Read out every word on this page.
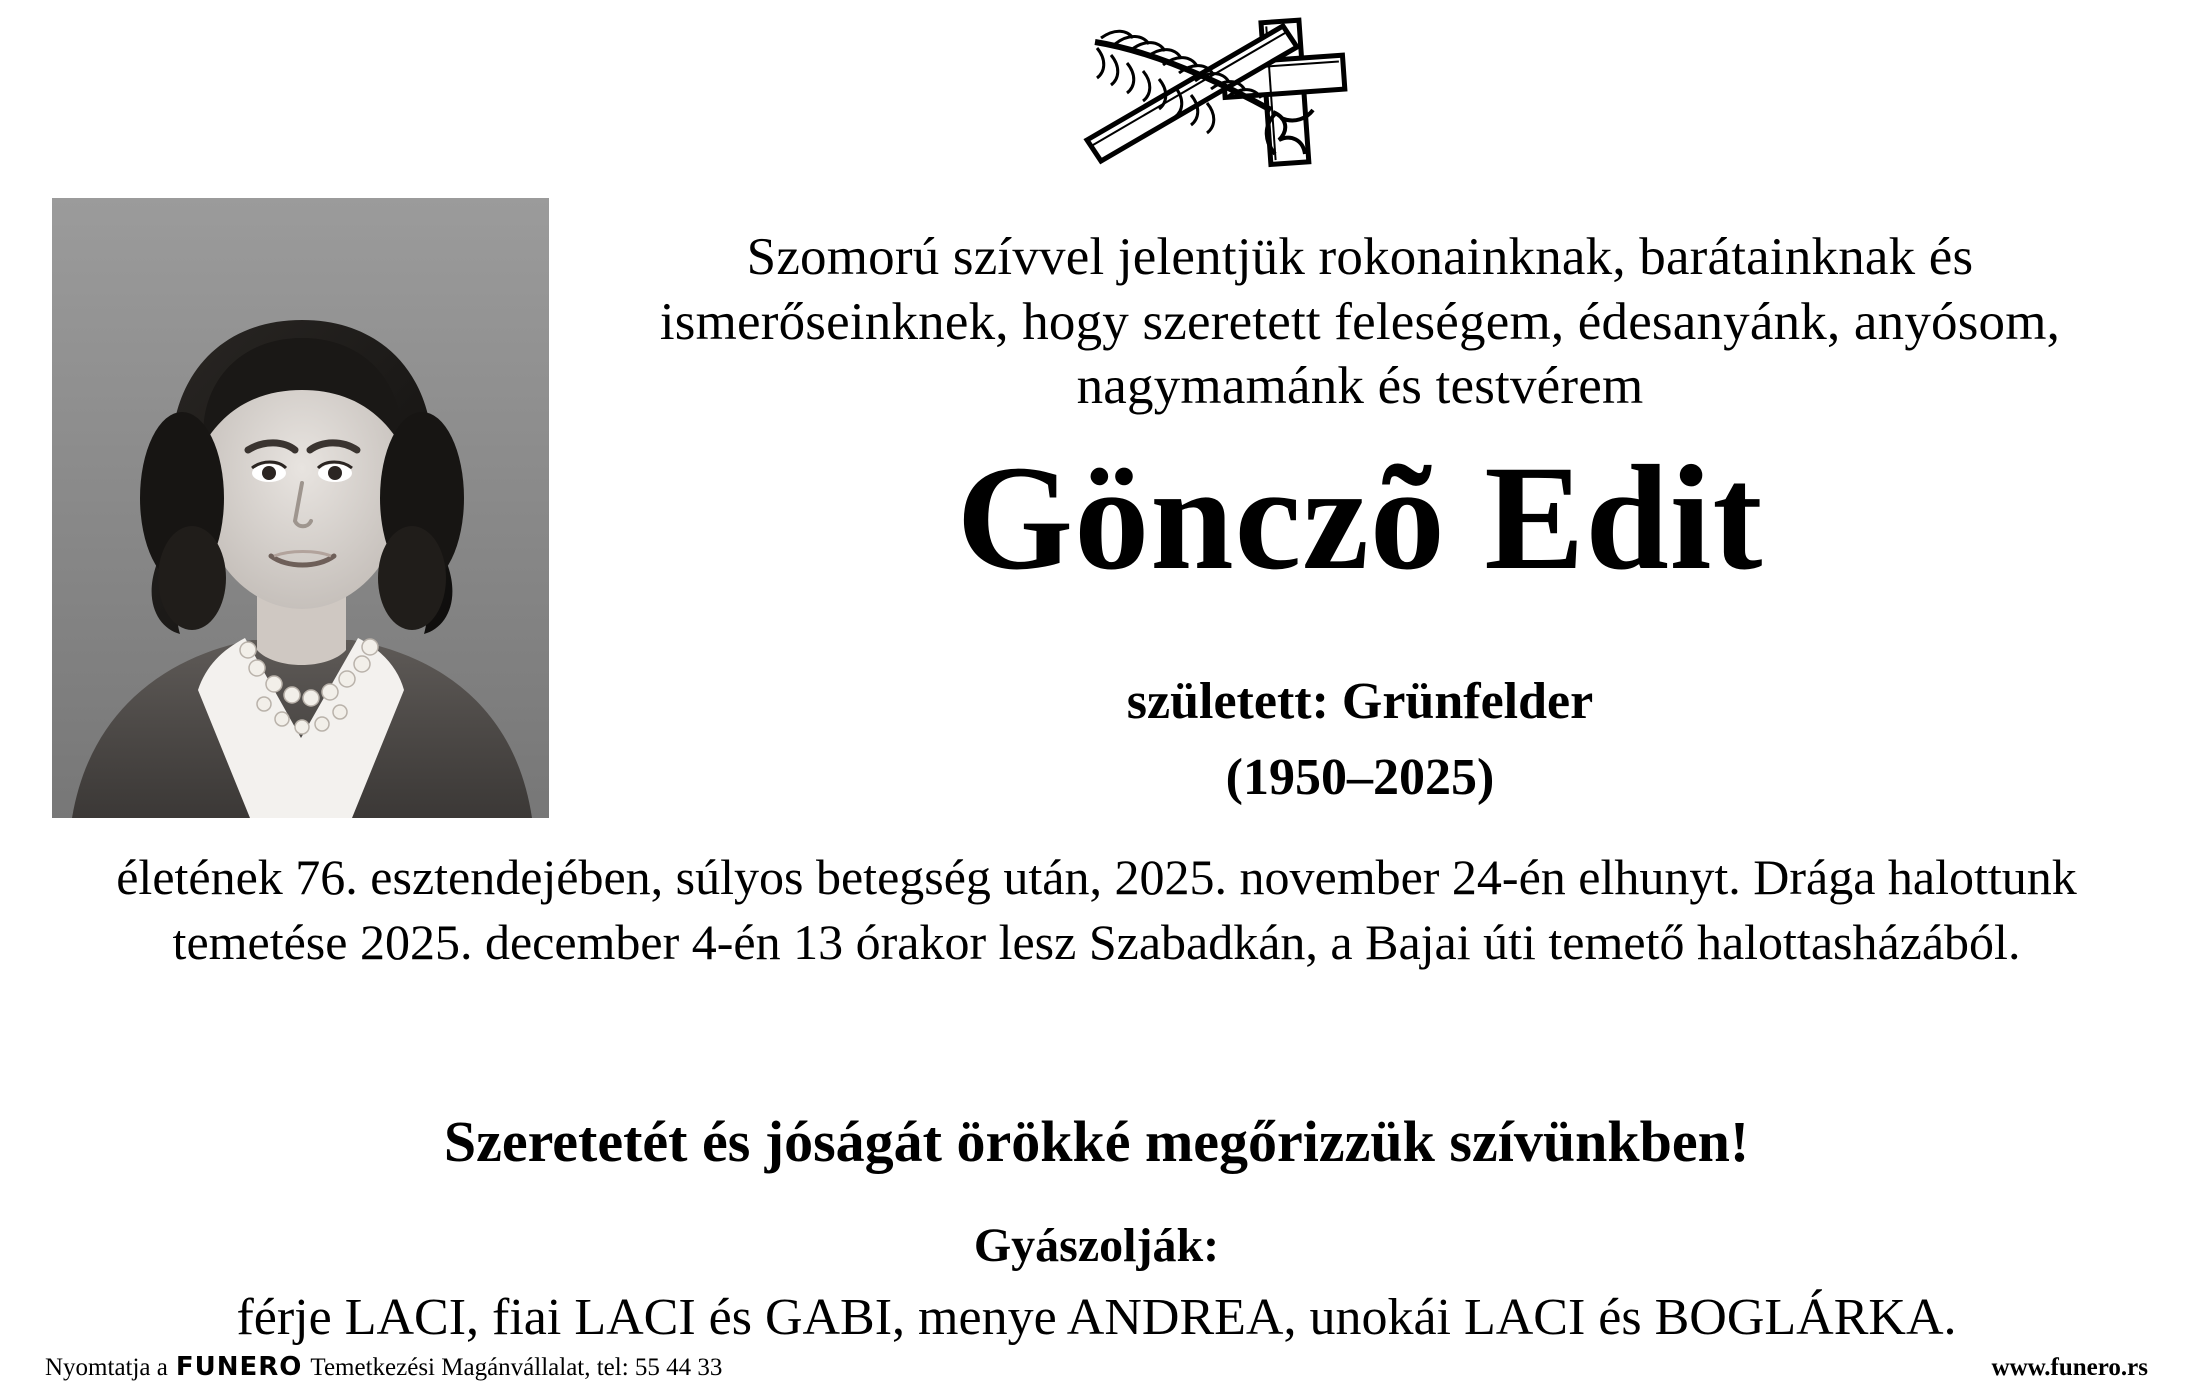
Szomorú szívvel jelentjük rokonainknak, barátainknak és ismerőseinknek, hogy szeretett feleségem, édesanyánk, anyósom, nagymamánk és testvérem
Gönczõ Edit
született: Grünfelder
(1950–2025)
életének 76. esztendejében, súlyos betegség után, 2025. november 24-én elhunyt. Drága halottunk temetése 2025. december 4-én 13 órakor lesz Szabadkán, a Bajai úti temető halottasházából.
Szeretetét és jóságát örökké megőrizzük szívünkben!
Gyászolják:
férje LACI, fiai LACI és GABI, menye ANDREA, unokái LACI és BOGLÁRKA.
Nyomtatja a FUNERO Temetkezési Magánvállalat, tel: 55 44 33	www.funero.rs
